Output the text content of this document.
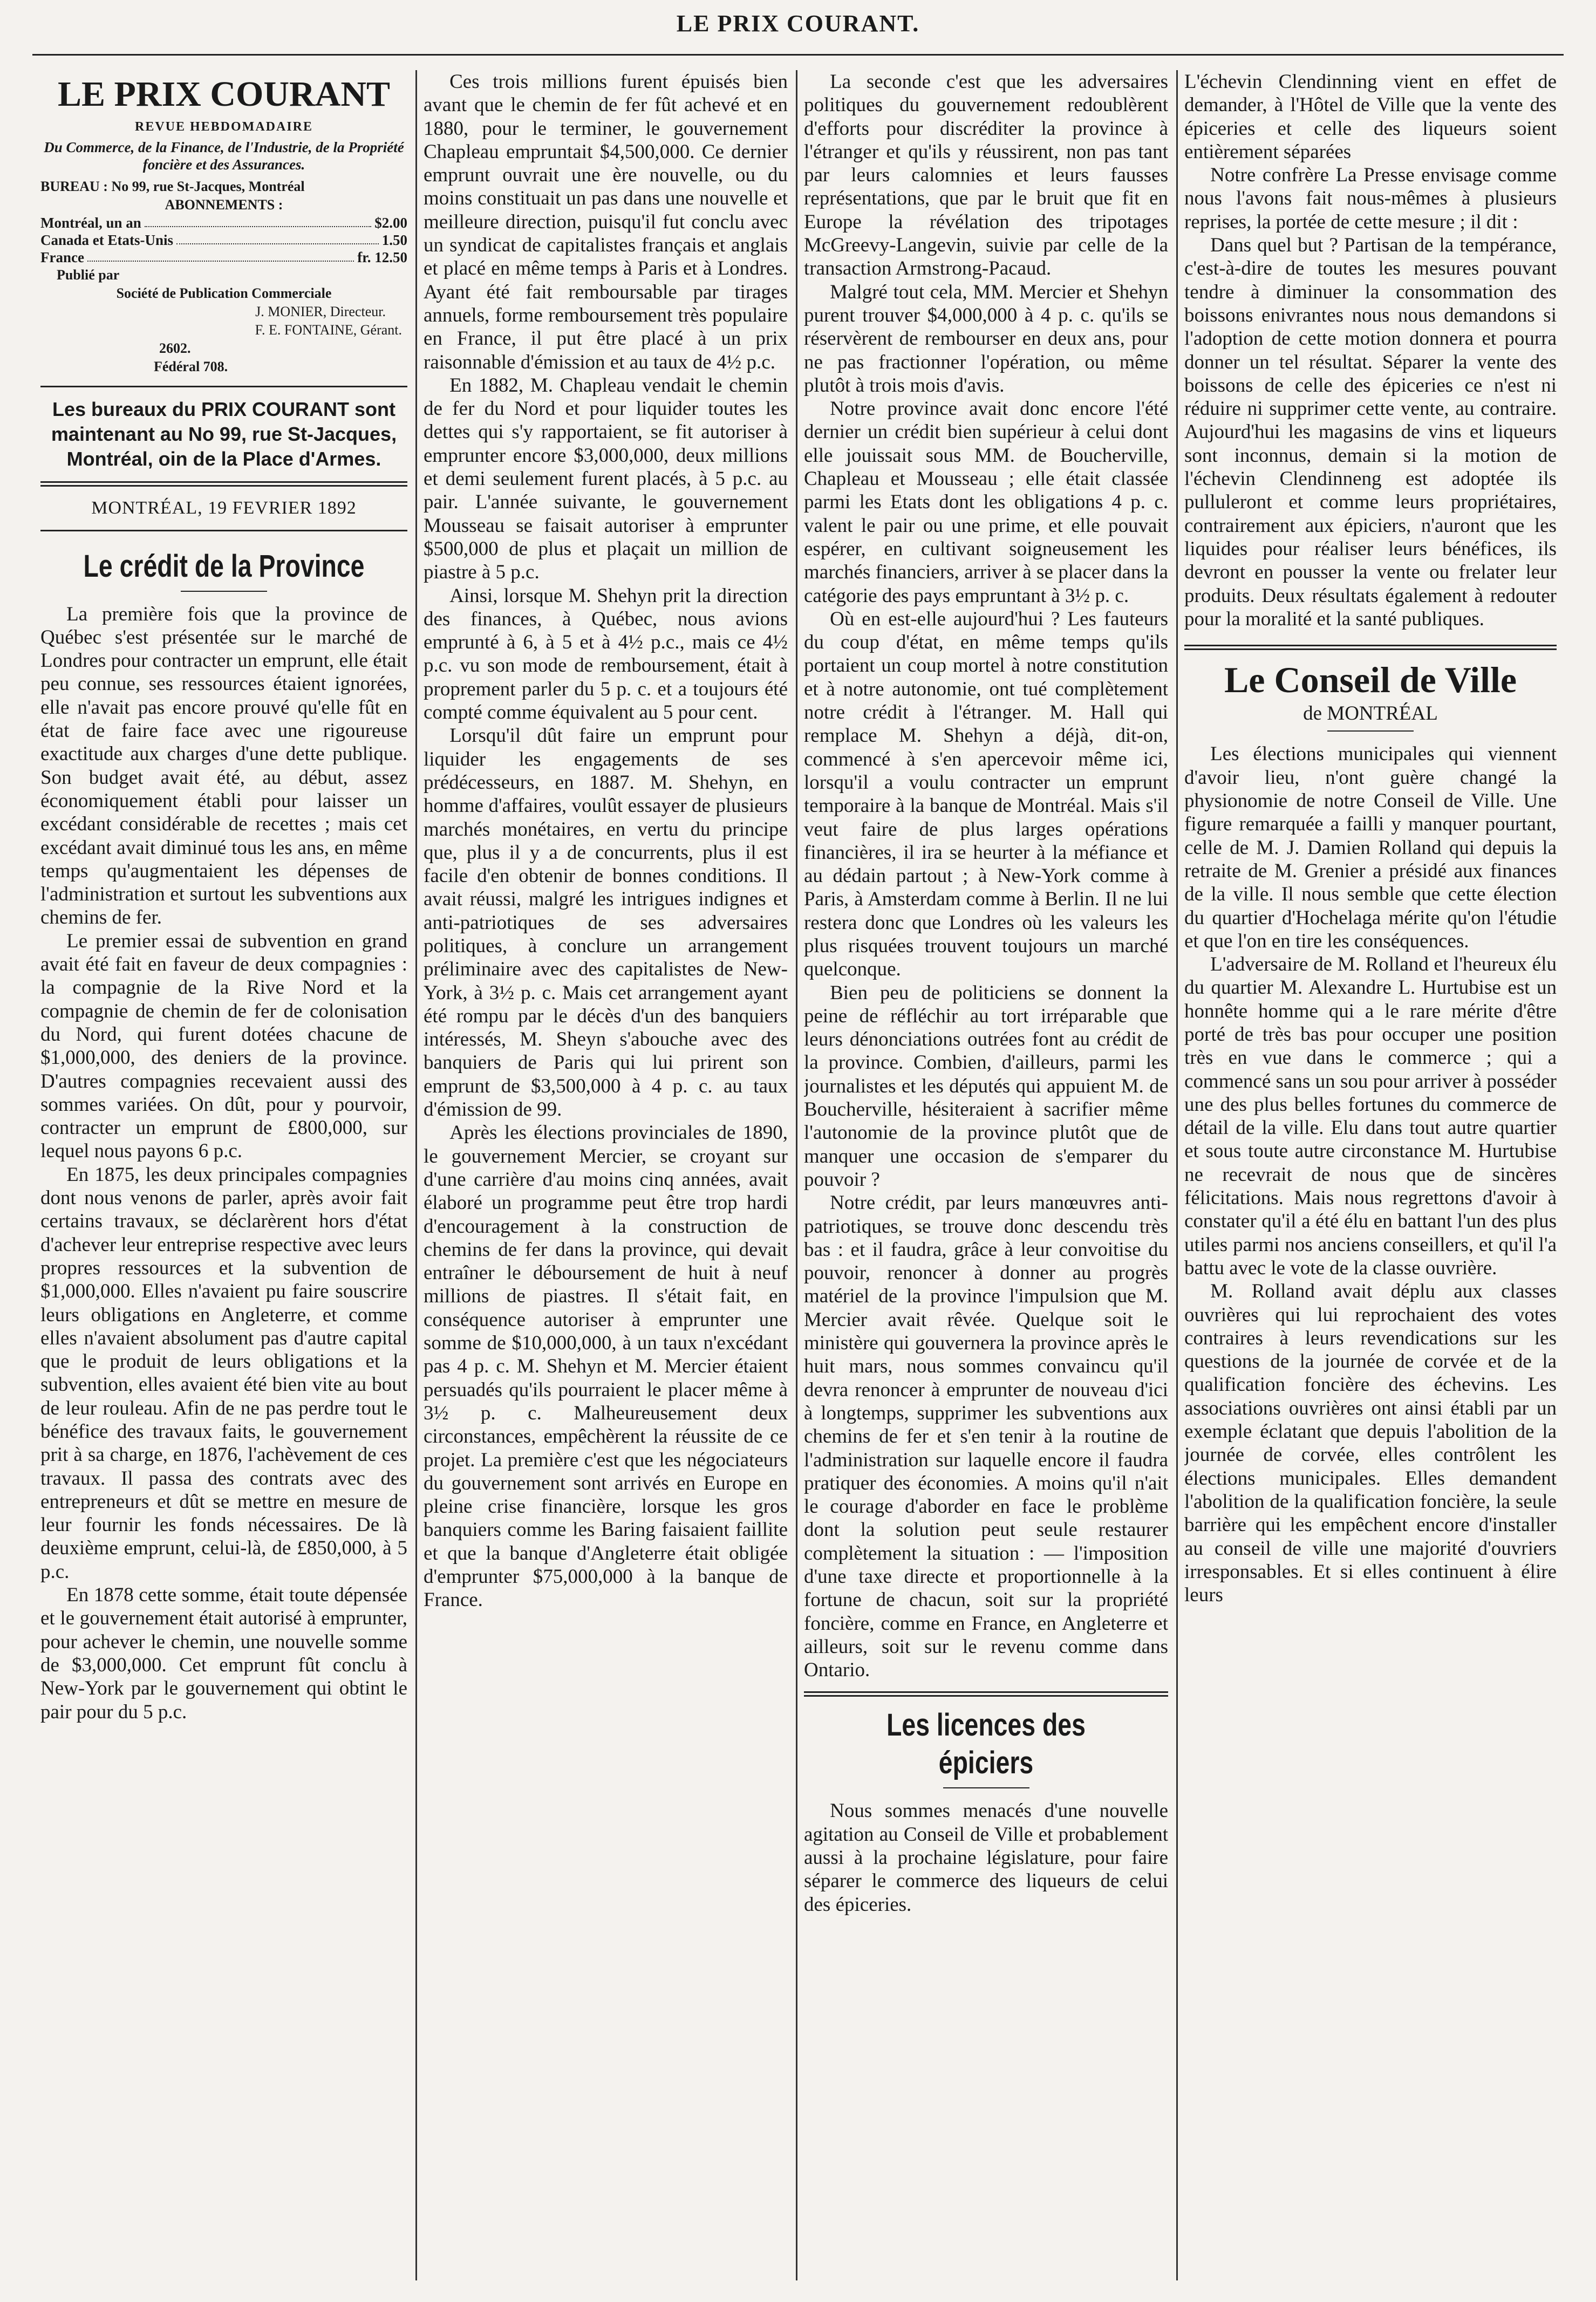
LE PRIX COURANT.
LE PRIX COURANT
REVUE HEBDOMADAIRE
Du Commerce, de la Finance, de l'Industrie, de la Propriété foncière et des Assurances.
BUREAU : No 99, rue St-Jacques, Montréal
ABONNEMENTS :
Montréal, un an	$2.00
Canada et Etats-Unis	1.50
France	fr. 12.50
Publié par
Société de Publication Commerciale
J. MONIER, Directeur.
F. E. FONTAINE, Gérant.
2602.
Fédéral 708.
Les bureaux du PRIX COURANT sont maintenant au No 99, rue St-Jacques, Montréal, oin de la Place d'Armes.
MONTRÉAL, 19 FEVRIER 1892
Le crédit de la Province

La première fois que la province de Québec s'est présentée sur le marché de Londres pour contracter un emprunt, elle était peu connue, ses ressources étaient ignorées, elle n'avait pas encore prouvé qu'elle fût en état de faire face avec une rigoureuse exactitude aux charges d'une dette publique. Son budget avait été, au début, assez économiquement établi pour laisser un excédant considérable de recettes ; mais cet excédant avait diminué tous les ans, en même temps qu'augmentaient les dépenses de l'administration et surtout les subventions aux chemins de fer.

Le premier essai de subvention en grand avait été fait en faveur de deux compagnies : la compagnie de la Rive Nord et la compagnie de chemin de fer de colonisation du Nord, qui furent dotées chacune de $1,000,000, des deniers de la province. D'autres compagnies recevaient aussi des sommes variées. On dût, pour y pourvoir, contracter un emprunt de £800,000, sur lequel nous payons 6 p.c.

En 1875, les deux principales compagnies dont nous venons de parler, après avoir fait certains travaux, se déclarèrent hors d'état d'achever leur entreprise respective avec leurs propres ressources et la subvention de $1,000,000. Elles n'avaient pu faire souscrire leurs obligations en Angleterre, et comme elles n'avaient absolument pas d'autre capital que le produit de leurs obligations et la subvention, elles avaient été bien vite au bout de leur rouleau. Afin de ne pas perdre tout le bénéfice des travaux faits, le gouvernement prit à sa charge, en 1876, l'achèvement de ces travaux. Il passa des contrats avec des entrepreneurs et dût se mettre en mesure de leur fournir les fonds nécessaires. De là deuxième emprunt, celui-là, de £850,000, à 5 p.c.

En 1878 cette somme, était toute dépensée et le gouvernement était autorisé à emprunter, pour achever le chemin, une nouvelle somme de $3,000,000. Cet emprunt fût conclu à New-York par le gouvernement qui obtint le pair pour du 5 p.c.

Ces trois millions furent épuisés bien avant que le chemin de fer fût achevé et en 1880, pour le terminer, le gouvernement Chapleau empruntait $4,500,000. Ce dernier emprunt ouvrait une ère nouvelle, ou du moins constituait un pas dans une nouvelle et meilleure direction, puisqu'il fut conclu avec un syndicat de capitalistes français et anglais et placé en même temps à Paris et à Londres. Ayant été fait remboursable par tirages annuels, forme remboursement très populaire en France, il put être placé à un prix raisonnable d'émission et au taux de 4½ p.c.

En 1882, M. Chapleau vendait le chemin de fer du Nord et pour liquider toutes les dettes qui s'y rapportaient, se fit autoriser à emprunter encore $3,000,000, deux millions et demi seulement furent placés, à 5 p.c. au pair. L'année suivante, le gouvernement Mousseau se faisait autoriser à emprunter $500,000 de plus et plaçait un million de piastre à 5 p.c.

Ainsi, lorsque M. Shehyn prit la direction des finances, à Québec, nous avions emprunté à 6, à 5 et à 4½ p.c., mais ce 4½ p.c. vu son mode de remboursement, était à proprement parler du 5 p. c. et a toujours été compté comme équivalent au 5 pour cent.

Lorsqu'il dût faire un emprunt pour liquider les engagements de ses prédécesseurs, en 1887. M. Shehyn, en homme d'affaires, voulût essayer de plusieurs marchés monétaires, en vertu du principe que, plus il y a de concurrents, plus il est facile d'en obtenir de bonnes conditions. Il avait réussi, malgré les intrigues indignes et anti-patriotiques de ses adversaires politiques, à conclure un arrangement préliminaire avec des capitalistes de New-York, à 3½ p. c. Mais cet arrangement ayant été rompu par le décès d'un des banquiers intéressés, M. Sheyn s'abouche avec des banquiers de Paris qui lui prirent son emprunt de $3,500,000 à 4 p. c. au taux d'émission de 99.

Après les élections provinciales de 1890, le gouvernement Mercier, se croyant sur d'une carrière d'au moins cinq années, avait élaboré un programme peut être trop hardi d'encouragement à la construction de chemins de fer dans la province, qui devait entraîner le déboursement de huit à neuf millions de piastres. Il s'était fait, en conséquence autoriser à emprunter une somme de $10,000,000, à un taux n'excédant pas 4 p. c. M. Shehyn et M. Mercier étaient persuadés qu'ils pourraient le placer même à 3½ p. c. Malheureusement deux circonstances, empêchèrent la réussite de ce projet. La première c'est que les négociateurs du gouvernement sont arrivés en Europe en pleine crise financière, lorsque les gros banquiers comme les Baring faisaient faillite et que la banque d'Angleterre était obligée d'emprunter $75,000,000 à la banque de France.

La seconde c'est que les adversaires politiques du gouvernement redoublèrent d'efforts pour discréditer la province à l'étranger et qu'ils y réussirent, non pas tant par leurs calomnies et leurs fausses représentations, que par le bruit que fit en Europe la révélation des tripotages McGreevy-Langevin, suivie par celle de la transaction Armstrong-Pacaud.

Malgré tout cela, MM. Mercier et Shehyn purent trouver $4,000,000 à 4 p. c. qu'ils se réservèrent de rembourser en deux ans, pour ne pas fractionner l'opération, ou même plutôt à trois mois d'avis.

Notre province avait donc encore l'été dernier un crédit bien supérieur à celui dont elle jouissait sous MM. de Boucherville, Chapleau et Mousseau ; elle était classée parmi les Etats dont les obligations 4 p. c. valent le pair ou une prime, et elle pouvait espérer, en cultivant soigneusement les marchés financiers, arriver à se placer dans la catégorie des pays empruntant à 3½ p. c.

Où en est-elle aujourd'hui ? Les fauteurs du coup d'état, en même temps qu'ils portaient un coup mortel à notre constitution et à notre autonomie, ont tué complètement notre crédit à l'étranger. M. Hall qui remplace M. Shehyn a déjà, dit-on, commencé à s'en apercevoir même ici, lorsqu'il a voulu contracter un emprunt temporaire à la banque de Montréal. Mais s'il veut faire de plus larges opérations financières, il ira se heurter à la méfiance et au dédain partout ; à New-York comme à Paris, à Amsterdam comme à Berlin. Il ne lui restera donc que Londres où les valeurs les plus risquées trouvent toujours un marché quelconque.

Bien peu de politiciens se donnent la peine de réfléchir au tort irréparable que leurs dénonciations outrées font au crédit de la province. Combien, d'ailleurs, parmi les journalistes et les députés qui appuient M. de Boucherville, hésiteraient à sacrifier même l'autonomie de la province plutôt que de manquer une occasion de s'emparer du pouvoir ?

Notre crédit, par leurs manœuvres anti-patriotiques, se trouve donc descendu très bas : et il faudra, grâce à leur convoitise du pouvoir, renoncer à donner au progrès matériel de la province l'impulsion que M. Mercier avait rêvée. Quelque soit le ministère qui gouvernera la province après le huit mars, nous sommes convaincu qu'il devra renoncer à emprunter de nouveau d'ici à longtemps, supprimer les subventions aux chemins de fer et s'en tenir à la routine de l'administration sur laquelle encore il faudra pratiquer des économies. A moins qu'il n'ait le courage d'aborder en face le problème dont la solution peut seule restaurer complètement la situation : — l'imposition d'une taxe directe et proportionnelle à la fortune de chacun, soit sur la propriété foncière, comme en France, en Angleterre et ailleurs, soit sur le revenu comme dans Ontario.

Les licences des épiciers

Nous sommes menacés d'une nouvelle agitation au Conseil de Ville et probablement aussi à la prochaine législature, pour faire séparer le commerce des liqueurs de celui des épiceries.

L'échevin Clendinning vient en effet de demander, à l'Hôtel de Ville que la vente des épiceries et celle des liqueurs soient entièrement séparées

Notre confrère La Presse envisage comme nous l'avons fait nous-mêmes à plusieurs reprises, la portée de cette mesure ; il dit :

Dans quel but ? Partisan de la tempérance, c'est-à-dire de toutes les mesures pouvant tendre à diminuer la consommation des boissons enivrantes nous nous demandons si l'adoption de cette motion donnera et pourra donner un tel résultat. Séparer la vente des boissons de celle des épiceries ce n'est ni réduire ni supprimer cette vente, au contraire. Aujourd'hui les magasins de vins et liqueurs sont inconnus, demain si la motion de l'échevin Clendinneng est adoptée ils pulluleront et comme leurs propriétaires, contrairement aux épiciers, n'auront que les liquides pour réaliser leurs bénéfices, ils devront en pousser la vente ou frelater leur produits. Deux résultats également à redouter pour la moralité et la santé publiques.

Le Conseil de Ville
de MONTRÉAL

Les élections municipales qui viennent d'avoir lieu, n'ont guère changé la physionomie de notre Conseil de Ville. Une figure remarquée a failli y manquer pourtant, celle de M. J. Damien Rolland qui depuis la retraite de M. Grenier a présidé aux finances de la ville. Il nous semble que cette élection du quartier d'Hochelaga mérite qu'on l'étudie et que l'on en tire les conséquences.

L'adversaire de M. Rolland et l'heureux élu du quartier M. Alexandre L. Hurtubise est un honnête homme qui a le rare mérite d'être porté de très bas pour occuper une position très en vue dans le commerce ; qui a commencé sans un sou pour arriver à posséder une des plus belles fortunes du commerce de détail de la ville. Elu dans tout autre quartier et sous toute autre circonstance M. Hurtubise ne recevrait de nous que de sincères félicitations. Mais nous regrettons d'avoir à constater qu'il a été élu en battant l'un des plus utiles parmi nos anciens conseillers, et qu'il l'a battu avec le vote de la classe ouvrière.

M. Rolland avait déplu aux classes ouvrières qui lui reprochaient des votes contraires à leurs revendications sur les questions de la journée de corvée et de la qualification foncière des échevins. Les associations ouvrières ont ainsi établi par un exemple éclatant que depuis l'abolition de la journée de corvée, elles contrôlent les élections municipales. Elles demandent l'abolition de la qualification foncière, la seule barrière qui les empêchent encore d'installer au conseil de ville une majorité d'ouvriers irresponsables. Et si elles continuent à élire leurs
